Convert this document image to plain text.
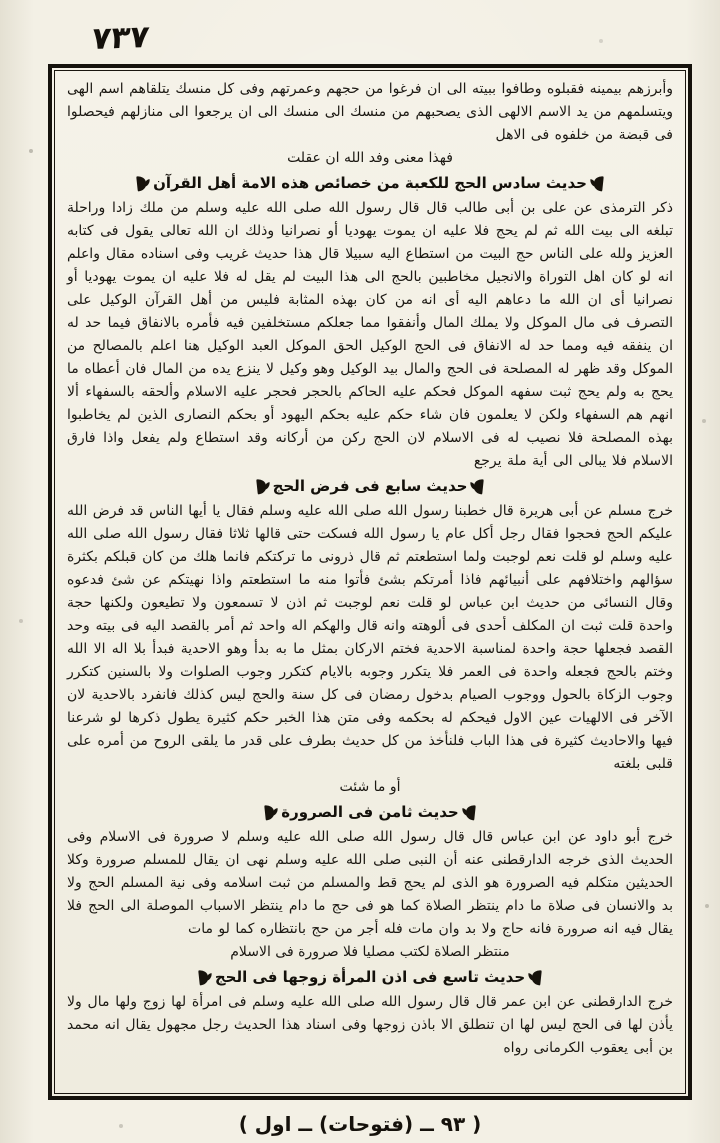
٧٣٧

وأبرزهم بيمينه فقبلوه وطافوا ببيته الى ان فرغوا من حجهم وعمرتهم وفى كل منسك يتلقاهم اسم الهى ويتسلمهم من يد الاسم الالهى الذى يصحبهم من منسك الى منسك الى ان يرجعوا الى منازلهم فيحصلوا فى قبضة من خلفوه فى الاهل

فهذا معنى وفد الله ان عقلت
حديث سادس الحج للكعبة من خصائص هذه الامة أهل القرآن

ذكر الترمذى عن على بن أبى طالب قال قال رسول الله صلى الله عليه وسلم من ملك زادا وراحلة تبلغه الى بيت الله ثم لم يحج فلا عليه ان يموت يهوديا أو نصرانيا وذلك ان الله تعالى يقول فى كتابه العزيز ولله على الناس حج البيت من استطاع اليه سبيلا قال هذا حديث غريب وفى اسناده مقال واعلم انه لو كان اهل التوراة والانجيل مخاطبين بالحج الى هذا البيت لم يقل له فلا عليه ان يموت يهوديا أو نصرانيا أى ان الله ما دعاهم اليه أى انه من كان بهذه المثابة فليس من أهل القرآن الوكيل على التصرف فى مال الموكل ولا يملك المال وأنفقوا مما جعلكم مستخلفين فيه فأمره بالانفاق فيما حد له ان ينفقه فيه ومما حد له الانفاق فى الحج الوكيل الحق الموكل العبد الوكيل هنا اعلم بالمصالح من الموكل وقد ظهر له المصلحة فى الحج والمال بيد الوكيل وهو وكيل لا ينزع يده من المال فان أعطاه ما يحج به ولم يحج ثبت سفهه الموكل فحكم عليه الحاكم بالحجر فحجر عليه الاسلام وألحقه بالسفهاء ألا انهم هم السفهاء ولكن لا يعلمون فان شاء حكم عليه بحكم اليهود أو بحكم النصارى الذين لم يخاطبوا بهذه المصلحة فلا نصيب له فى الاسلام لان الحج ركن من أركانه وقد استطاع ولم يفعل واذا فارق الاسلام فلا يبالى الى أية ملة يرجع

حديث سابع فى فرض الحج

خرج مسلم عن أبى هريرة قال خطبنا رسول الله صلى الله عليه وسلم فقال يا أيها الناس قد فرض الله عليكم الحج فحجوا فقال رجل أكل عام يا رسول الله فسكت حتى قالها ثلاثا فقال رسول الله صلى الله عليه وسلم لو قلت نعم لوجبت ولما استطعتم ثم قال ذرونى ما تركتكم فانما هلك من كان قبلكم بكثرة سؤالهم واختلافهم على أنبيائهم فاذا أمرتكم بشئ فأتوا منه ما استطعتم واذا نهيتكم عن شئ فدعوه وقال النسائى من حديث ابن عباس لو قلت نعم لوجبت ثم اذن لا تسمعون ولا تطيعون ولكنها حجة واحدة قلت ثبت ان المكلف أحدى فى ألوهته وانه قال والهكم اله واحد ثم أمر بالقصد اليه فى بيته وحد القصد فجعلها حجة واحدة لمناسبة الاحدية فختم الاركان بمثل ما به بدأ وهو الاحدية فبدأ بلا اله الا الله وختم بالحج فجعله واحدة فى العمر فلا يتكرر وجوبه بالايام كتكرر وجوب الصلوات ولا بالسنين كتكرر وجوب الزكاة بالحول ووجوب الصيام بدخول رمضان فى كل سنة والحج ليس كذلك فانفرد بالاحدية لان الآخر فى الالهيات عين الاول فيحكم له بحكمه وفى متن هذا الخبر حكم كثيرة يطول ذكرها لو شرعنا فيها والاحاديث كثيرة فى هذا الباب فلنأخذ من كل حديث بطرف على قدر ما يلقى الروح من أمره على قلبى بلغته

أو ما شئت
حديث ثامن فى الصرورة

خرج أبو داود عن ابن عباس قال قال رسول الله صلى الله عليه وسلم لا صرورة فى الاسلام وفى الحديث الذى خرجه الدارقطنى عنه أن النبى صلى الله عليه وسلم نهى ان يقال للمسلم صرورة وكلا الحديثين متكلم فيه الصرورة هو الذى لم يحج قط والمسلم من ثبت اسلامه وفى نية المسلم الحج ولا بد والانسان فى صلاة ما دام ينتظر الصلاة كما هو فى حج ما دام ينتظر الاسباب الموصلة الى الحج فلا يقال فيه انه صرورة فانه حاج ولا بد وان مات فله أجر من حج بانتظاره كما لو مات

منتظر الصلاة لكتب مصليا فلا صرورة فى الاسلام
حديث تاسع فى اذن المرأة زوجها فى الحج

خرج الدارقطنى عن ابن عمر قال قال رسول الله صلى الله عليه وسلم فى امرأة لها زوج ولها مال ولا يأذن لها فى الحج ليس لها ان تنطلق الا باذن زوجها وفى اسناد هذا الحديث رجل مجهول يقال انه محمد بن أبى يعقوب الكرمانى رواه

( ٩٣ ــ (فتوحات) ــ اول )
